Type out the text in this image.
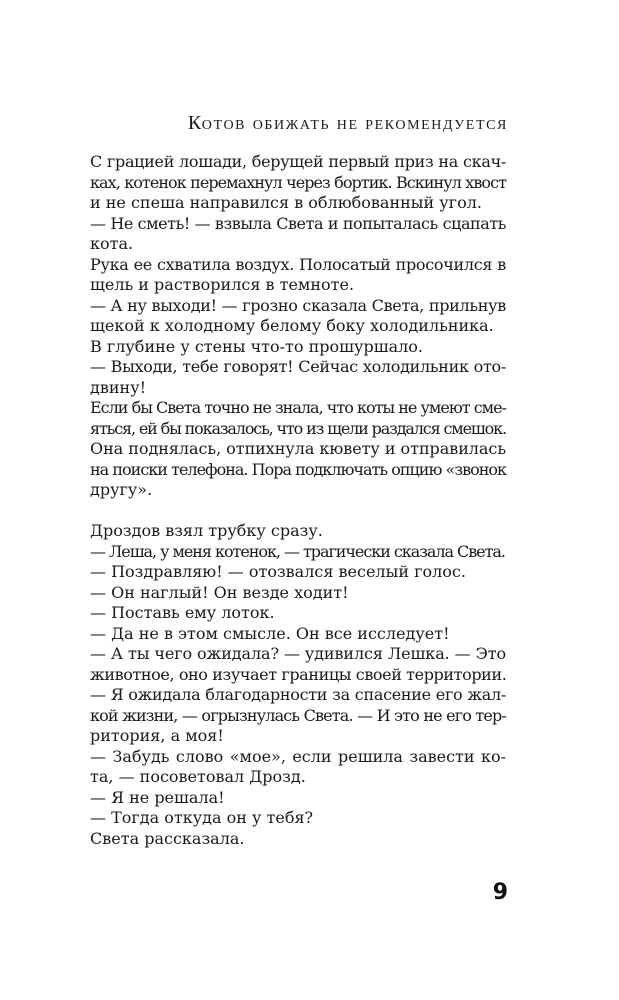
Котов обижать не рекомендуется
С грацией лошади, берущей первый приз на скач-
ках, котенок перемахнул через бортик. Вскинул хвост
и не спеша направился в облюбованный угол.
— Не сметь! — взвыла Света и попыталась сцапать
кота.
Рука ее схватила воздух. Полосатый просочился в
щель и растворился в темноте.
— А ну выходи! — грозно сказала Света, прильнув
щекой к холодному белому боку холодильника.
В глубине у стены что-то прошуршало.
— Выходи, тебе говорят! Сейчас холодильник ото-
двину!
Если бы Света точно не знала, что коты не умеют сме-
яться, ей бы показалось, что из щели раздался смешок.
Она поднялась, отпихнула кювету и отправилась
на поиски телефона. Пора подключать опцию «звонок
другу».
Дроздов взял трубку сразу.
— Леша, у меня котенок, — трагически сказала Света.
— Поздравляю! — отозвался веселый голос.
— Он наглый! Он везде ходит!
— Поставь ему лоток.
— Да не в этом смысле. Он все исследует!
— А ты чего ожидала? — удивился Лешка. — Это
животное, оно изучает границы своей территории.
— Я ожидала благодарности за спасение его жал-
кой жизни, — огрызнулась Света. — И это не его тер-
ритория, а моя!
— Забудь слово «мое», если решила завести ко-
та, — посоветовал Дрозд.
— Я не решала!
— Тогда откуда он у тебя?
Света рассказала.
9
